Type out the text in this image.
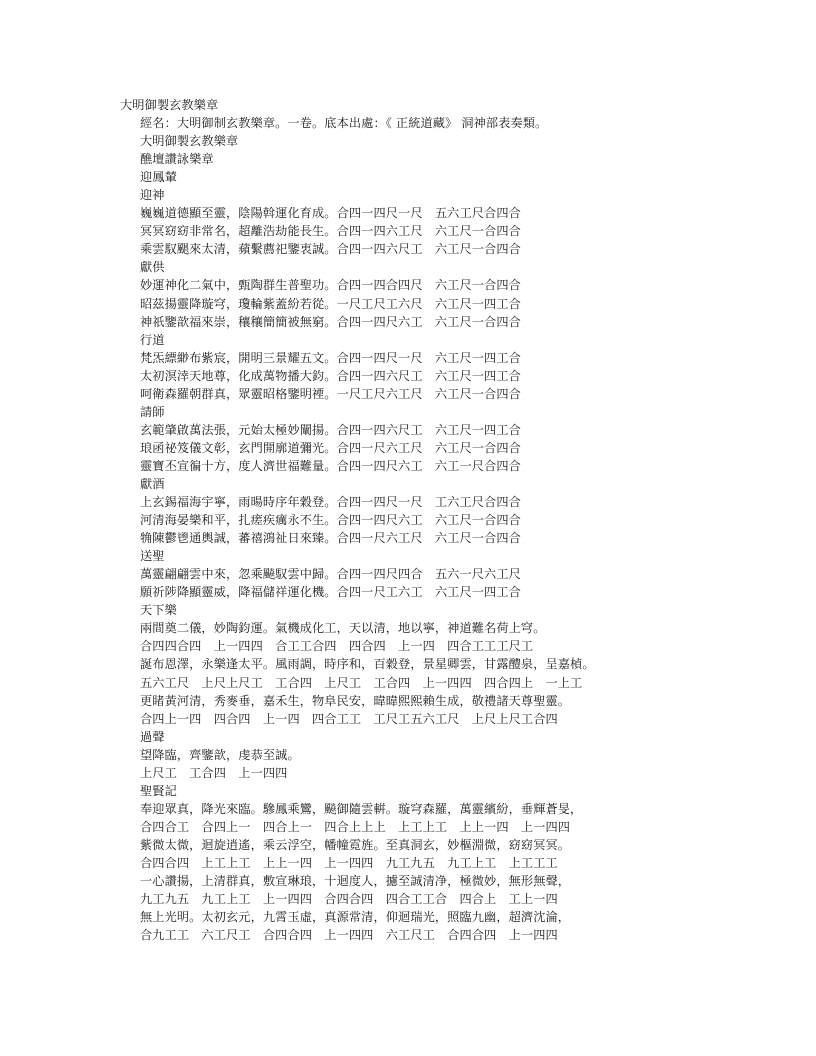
大明御製玄教樂章
經名：大明御制玄教樂章。一卷。底本出處：《 正統道藏》 洞神部表奏類。
大明御製玄教樂章
醮壇讚詠樂章
迎鳳輦
迎神
巍巍道德顯至靈，陰陽斡運化育成。合四一四尺一尺　五六工尺合四合
冥冥窈窈非常名，超離浩劫能長生。合四一四六工尺　六工尺一合四合
乘雲馭颶來太清，蘋繫薦祀鑒衷誠。合四一四六尺工　六工尺一合四合
獻供
妙運神化二氣中，甄陶群生普聖功。合四一四合四尺　六工尺一合四合
昭茲揚靈降璇穹，瓊輪紫蓋紛若從。一尺工尺工六尺　六工尺一四工合
神祇鑒歆福來崇，穰穰簡簡被無窮。合四一四尺六工　六工尺一合四合
行道
梵炁縹緲布紫宸，開明三景耀五文。合四一四尺一尺　六工尺一四工合
太初溟涬天地尊，化成萬物播大鈞。合四一四六尺工　六工尺一四工合
呵衛森羅朝群真，眾靈昭格鑒明禋。一尺工尺六工尺　六工尺一合四合
請師
玄範肇啟萬法張，元始太極妙闡揚。合四一四六尺工　六工尺一四工合
琅函祕笈儀文彰，玄門開廓道彌光。合四一尺六工尺　六工尺一合四合
靈寶丕宣徧十方，度人濟世福難量。合四一四尺六工　六工一尺合四合
獻酒
上玄錫福海宇寧，雨暘時序年穀登。合四一四尺一尺　工六工尺合四合
河清海晏樂和平，扎瘥疾癘永不生。合四一四尺六工　六工尺一合四合
觕陳鬱鬯通輿誠，蕃禧鴻祉日來臻。合四一尺六工尺　六工尺一合四合
送聖
萬靈翩翩雲中來，忽乘飈馭雲中歸。合四一四尺四合　五六一尺六工尺
願祈陟降顯靈威，降福儲祥運化機。合四一尺工六工　六工尺一四工合
天下樂
兩間奠二儀，妙陶鈞運。氣機成化工，天以清，地以寧，神道難名荷上穹。
合四四合四　上一四四　合工工合四　四合四　上一四　四合工工工尺工
誕布恩澤，永樂逢太平。風雨調，時序和，百穀登，景星卿雲，甘露醴泉，呈嘉楨。
五六工尺　上尺上尺工　工合四　上尺工　工合四　上一四四　四合四上　一上工
更睹黃河清，秀麥垂，嘉禾生，物阜民安，暐暐熙熙賴生成，敬禮諸天尊聖靈。
合四上一四　四合四　上一四　四合工工　工尺工五六工尺　上尺上尺工合四
過聲
望降臨，齊鑒歆，虔恭至誠。
上尺工　工合四　上一四四
聖賢記
奉迎眾真，降光來臨。驂鳳乘鸞，飈御隨雲輧。璇穹森羅，萬靈繽紛，垂輝蒼旻，
合四合工　合四上一　四合上一　四合上上上　上工上工　上上一四　上一四四
紫微太微，迴旋逍遙，乘云浮空，幡幢霓旌。至真洞玄，妙樞淵微，窈窈冥冥。
合四合四　上工上工　上上一四　上一四四　九工九五　九工上工　上工工工
一心讚揚，上清群真，敷宣琳琅，十迴度人，攄至誠清净，極微妙，無形無聲，
九工九五　九工上工　上一四四　合四合四　四合工工合　四合上　工上一四
無上光明。太初玄元，九霄玉虛，真源常清，仰迴瑞光，照臨九幽，超濟沈淪，
合九工工　六工尺工　合四合四　上一四四　六工尺工　合四合四　上一四四
